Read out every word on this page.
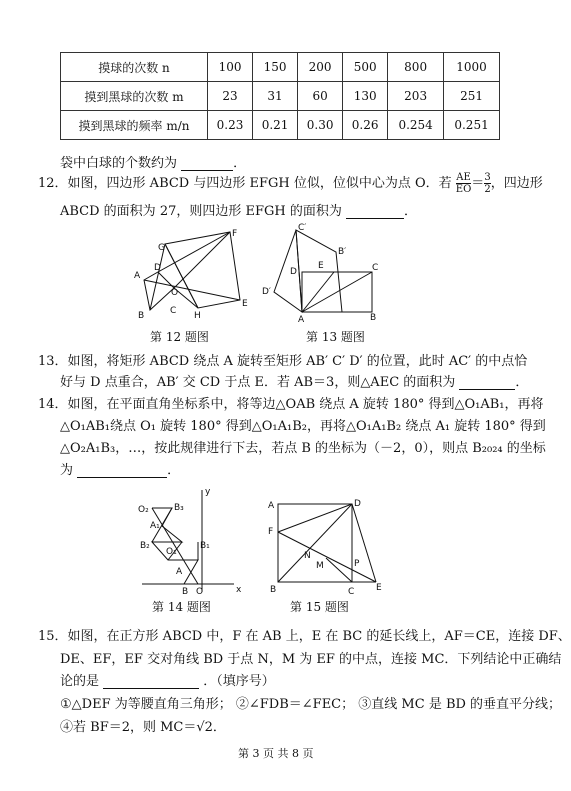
摸球的次数 n	100	150	200	500	800	1000
摸到黑球的次数 m	23	31	60	130	203	251
摸到黑球的频率 m/n	0.23	0.21	0.30	0.26	0.254	0.251
袋中白球的个数约为	．
12．如图，四边形 ABCD 与四边形 EFGH 位似，位似中心为点 O．若 $\frac{AE}{EO} = \frac{3}{2}$ ，四边形
ABCD 的面积为 27，则四边形 EFGH 的面积为	．
G
F
A
D
O
B	C H
E
第 12 题图
C′
B′
E	C
D′
D
A	B
第 13 题图
13．如图，将矩形 ABCD 绕点 A 旋转至矩形 AB′ C′ D′ 的位置，此时 AC′ 的中点恰
好与 D 点重合，AB′ 交 CD 于点 E．若 AB＝3，则△AEC 的面积为	．
14．如图，在平面直角坐标系中，将等边△OAB 绕点 A 旋转 180° 得到△O₁AB₁，再将
△O₁AB₁绕点 O₁ 旋转 180° 得到△O₁A₁B₂，再将△O₁A₁B₂ 绕点 A₁ 旋转 180° 得到
△O₂A₁B₃，…，按此规律进行下去，若点 B 的坐标为（－2，0），则点 B₂₀₂₄ 的坐标
为	．
y
O₂	B₃
A₁
B₂
O₁
B₁
A
B O	x
第 14 题图
A	D
F
N
M	P
B	C E
第 15 题图
15．如图，在正方形 ABCD 中，F 在 AB 上，E 在 BC 的延长线上，AF＝CE，连接 DF、
DE、EF，EF 交对角线 BD 于点 N，M 为 EF 的中点，连接 MC．下列结论中正确结
论的是	．（填序号）
①△DEF 为等腰直角三角形； ②∠FDB＝∠FEC； ③直线 MC 是 BD 的垂直平分线；
④若 BF＝2，则 MC＝√2．
第 3 页 共 8 页
